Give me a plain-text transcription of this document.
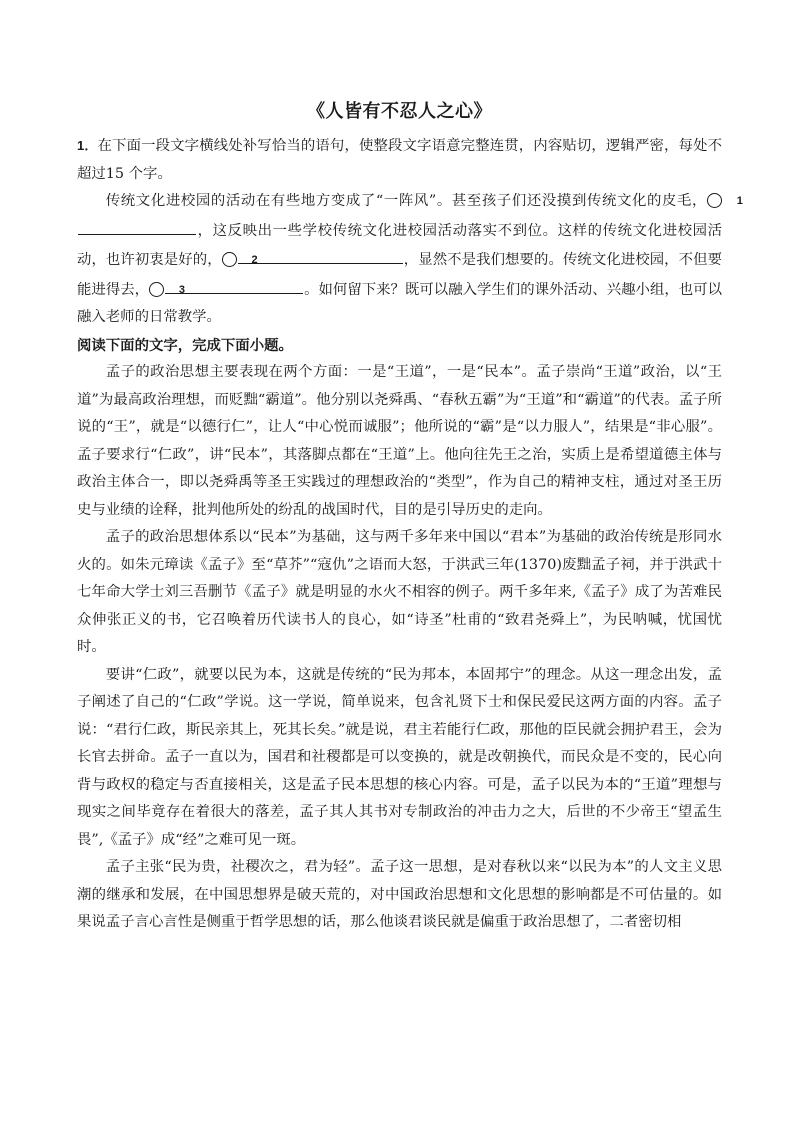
《人皆有不忍人之心》

1．在下面一段文字横线处补写恰当的语句，使整段文字语意完整连贯，内容贴切，逻辑严密，每处不超过15 个字。

传统文化进校园的活动在有些地方变成了“一阵风”。甚至孩子们还没摸到传统文化的皮毛，	1，这反映出一些学校传统文化进校园活动落实不到位。这样的传统文化进校园活动，也许初衷是好的，	2	，显然不是我们想要的。传统文化进校园，不但要能进得去，	3	。如何留下来？既可以融入学生们的课外活动、兴趣小组，也可以融入老师的日常教学。

阅读下面的文字，完成下面小题。

孟子的政治思想主要表现在两个方面：一是“王道”，一是“民本”。孟子崇尚“王道”政治，以“王道”为最高政治理想，而贬黜“霸道”。他分别以尧舜禹、“春秋五霸”为“王道”和“霸道”的代表。孟子所说的“王”，就是“以德行仁”，让人“中心悦而诚服”；他所说的“霸”是“以力服人”，结果是“非心服”。孟子要求行“仁政”，讲“民本”，其落脚点都在“王道”上。他向往先王之治，实质上是希望道德主体与政治主体合一，即以尧舜禹等圣王实践过的理想政治的“类型”，作为自己的精神支柱，通过对圣王历史与业绩的诠释，批判他所处的纷乱的战国时代，目的是引导历史的走向。

孟子的政治思想体系以“民本”为基础，这与两千多年来中国以“君本”为基础的政治传统是形同水火的。如朱元璋读《孟子》至“草芥”“寇仇”之语而大怒，于洪武三年(1370)废黜孟子祠，并于洪武十七年命大学士刘三吾删节《孟子》就是明显的水火不相容的例子。两千多年来,《孟子》成了为苦难民众伸张正义的书，它召唤着历代读书人的良心，如“诗圣”杜甫的“致君尧舜上”，为民呐喊，忧国忧时。

要讲“仁政”，就要以民为本，这就是传统的“民为邦本，本固邦宁”的理念。从这一理念出发，孟子阐述了自己的“仁政”学说。这一学说，简单说来，包含礼贤下士和保民爱民这两方面的内容。孟子说：“君行仁政，斯民亲其上，死其长矣。”就是说，君主若能行仁政，那他的臣民就会拥护君王，会为长官去拼命。孟子一直以为，国君和社稷都是可以变换的，就是改朝换代，而民众是不变的，民心向背与政权的稳定与否直接相关，这是孟子民本思想的核心内容。可是，孟子以民为本的“王道”理想与现实之间毕竟存在着很大的落差，孟子其人其书对专制政治的冲击力之大，后世的不少帝王“望孟生畏”,《孟子》成“经”之难可见一斑。

孟子主张“民为贵，社稷次之，君为轻”。孟子这一思想，是对春秋以来“以民为本”的人文主义思潮的继承和发展，在中国思想界是破天荒的，对中国政治思想和文化思想的影响都是不可估量的。如果说孟子言心言性是侧重于哲学思想的话，那么他谈君谈民就是偏重于政治思想了，二者密切相
